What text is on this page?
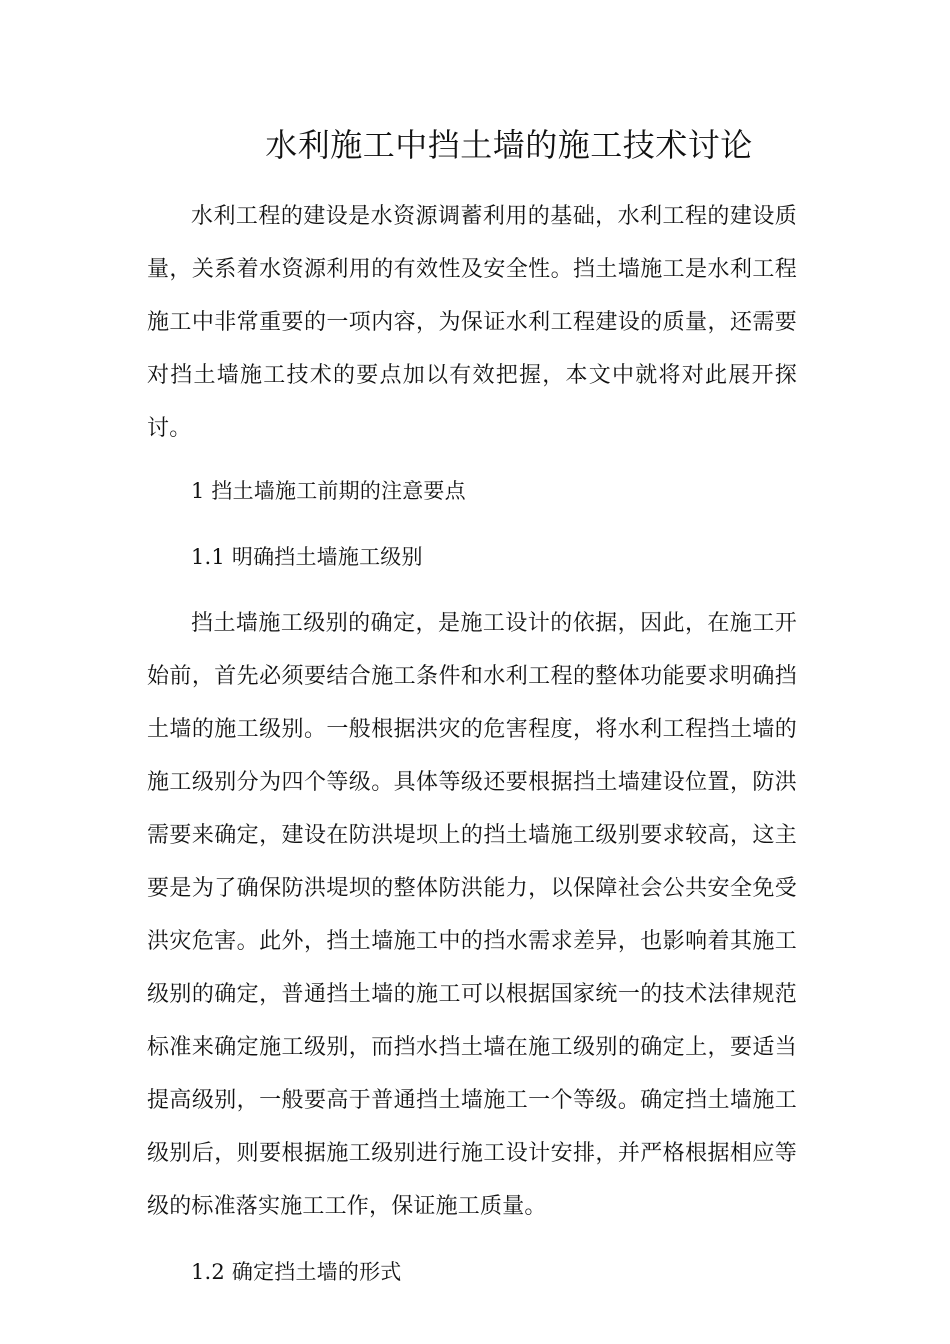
水利施工中挡土墙的施工技术讨论

水利工程的建设是水资源调蓄利用的基础，水利工程的建设质量，关系着水资源利用的有效性及安全性。挡土墙施工是水利工程施工中非常重要的一项内容，为保证水利工程建设的质量，还需要对挡土墙施工技术的要点加以有效把握，本文中就将对此展开探讨。

1 挡土墙施工前期的注意要点

1.1 明确挡土墙施工级别

挡土墙施工级别的确定，是施工设计的依据，因此，在施工开始前，首先必须要结合施工条件和水利工程的整体功能要求明确挡土墙的施工级别。一般根据洪灾的危害程度，将水利工程挡土墙的施工级别分为四个等级。具体等级还要根据挡土墙建设位置，防洪需要来确定，建设在防洪堤坝上的挡土墙施工级别要求较高，这主要是为了确保防洪堤坝的整体防洪能力，以保障社会公共安全免受洪灾危害。此外，挡土墙施工中的挡水需求差异，也影响着其施工级别的确定，普通挡土墙的施工可以根据国家统一的技术法律规范标准来确定施工级别，而挡水挡土墙在施工级别的确定上，要适当提高级别，一般要高于普通挡土墙施工一个等级。确定挡土墙施工级别后，则要根据施工级别进行施工设计安排，并严格根据相应等级的标准落实施工工作，保证施工质量。

1.2 确定挡土墙的形式
